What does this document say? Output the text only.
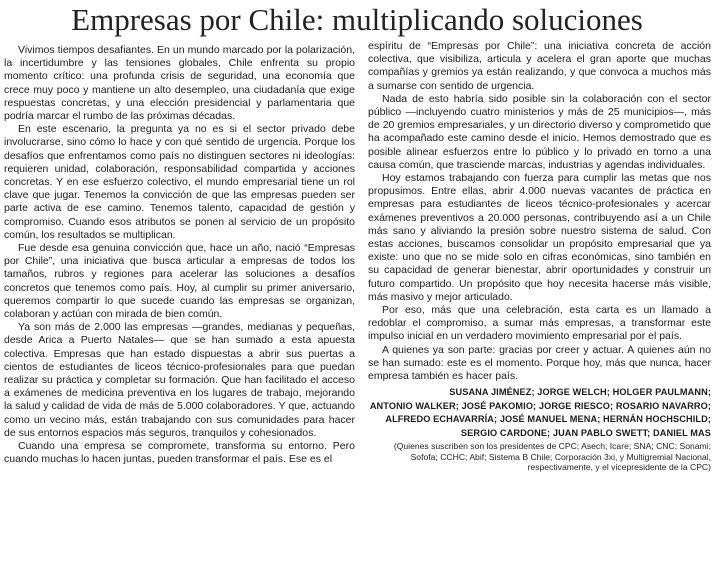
Empresas por Chile: multiplicando soluciones

Vivimos tiempos desafiantes. En un mundo marcado por la polarización, la incertidumbre y las tensiones globales, Chile enfrenta su propio momento crítico: una profunda crisis de seguridad, una economía que crece muy poco y mantiene un alto desempleo, una ciudadanía que exige respuestas concretas, y una elección presidencial y parlamentaria que podría marcar el rumbo de las próximas décadas.

En este escenario, la pregunta ya no es si el sector privado debe involucrarse, sino cómo lo hace y con qué sentido de urgencia. Porque los desafíos que enfrentamos como país no distinguen sectores ni ideologías: requieren unidad, colaboración, responsabilidad compartida y acciones concretas. Y en ese esfuerzo colectivo, el mundo empresarial tiene un rol clave que jugar. Tenemos la convicción de que las empresas pueden ser parte activa de ese camino. Tenemos talento, capacidad de gestión y compromiso. Cuando esos atributos se ponen al servicio de un propósito común, los resultados se multiplican.

Fue desde esa genuina convicción que, hace un año, nació “Empresas por Chile”, una iniciativa que busca articular a empresas de todos los tamaños, rubros y regiones para acelerar las soluciones a desafíos concretos que tenemos como país. Hoy, al cumplir su primer aniversario, queremos compartir lo que sucede cuando las empresas se organizan, colaboran y actúan con mirada de bien común.

Ya son más de 2.000 las empresas —grandes, medianas y pequeñas, desde Arica a Puerto Natales— que se han sumado a esta apuesta colectiva. Empresas que han estado dispuestas a abrir sus puertas a cientos de estudiantes de liceos técnico-profesionales para que puedan realizar su práctica y completar su formación. Que han facilitado el acceso a exámenes de medicina preventiva en los lugares de trabajo, mejorando la salud y calidad de vida de más de 5.000 colaboradores. Y que, actuando como un vecino más, están trabajando con sus comunidades para hacer de sus entornos espacios más seguros, tranquilos y cohesionados.

Cuando una empresa se compromete, transforma su entorno. Pero cuando muchas lo hacen juntas, pueden transformar el país. Ese es el

espíritu de “Empresas por Chile”: una iniciativa concreta de acción colectiva, que visibiliza, articula y acelera el gran aporte que muchas compañías y gremios ya están realizando, y que convoca a muchos más a sumarse con sentido de urgencia.

Nada de esto habría sido posible sin la colaboración con el sector público —incluyendo cuatro ministerios y más de 25 municipios—, más de 20 gremios empresariales, y un directorio diverso y comprometido que ha acompañado este camino desde el inicio. Hemos demostrado que es posible alinear esfuerzos entre lo público y lo privado en torno a una causa común, que trasciende marcas, industrias y agendas individuales.

Hoy estamos trabajando con fuerza para cumplir las metas que nos propusimos. Entre ellas, abrir 4.000 nuevas vacantes de práctica en empresas para estudiantes de liceos técnico-profesionales y acercar exámenes preventivos a 20.000 personas, contribuyendo así a un Chile más sano y aliviando la presión sobre nuestro sistema de salud. Con estas acciones, buscamos consolidar un propósito empresarial que ya existe: uno que no se mide solo en cifras económicas, sino también en su capacidad de generar bienestar, abrir oportunidades y construir un futuro compartido. Un propósito que hoy necesita hacerse más visible, más masivo y mejor articulado.

Por eso, más que una celebración, esta carta es un llamado a redoblar el compromiso, a sumar más empresas, a transformar este impulso inicial en un verdadero movimiento empresarial por el país.

A quienes ya son parte: gracias por creer y actuar. A quienes aún no se han sumado: este es el momento. Porque hoy, más que nunca, hacer empresa también es hacer país.

SUSANA JIMÉNEZ; JORGE WELCH; HOLGER PAULMANN;
ANTONIO WALKER; JOSÉ PAKOMIO; JORGE RIESCO; ROSARIO NAVARRO;
ALFREDO ECHAVARRÍA; JOSÉ MANUEL MENA; HERNÁN HOCHSCHILD;
SERGIO CARDONE; JUAN PABLO SWETT; DANIEL MAS
(Quienes suscriben son los presidentes de CPC; Asech; Icare; SNA; CNC; Sonami;
Sofofa; CCHC; Abif; Sistema B Chile; Corporación 3xi, y Multigremial Nacional,
respectivamente, y el vicepresidente de la CPC)
